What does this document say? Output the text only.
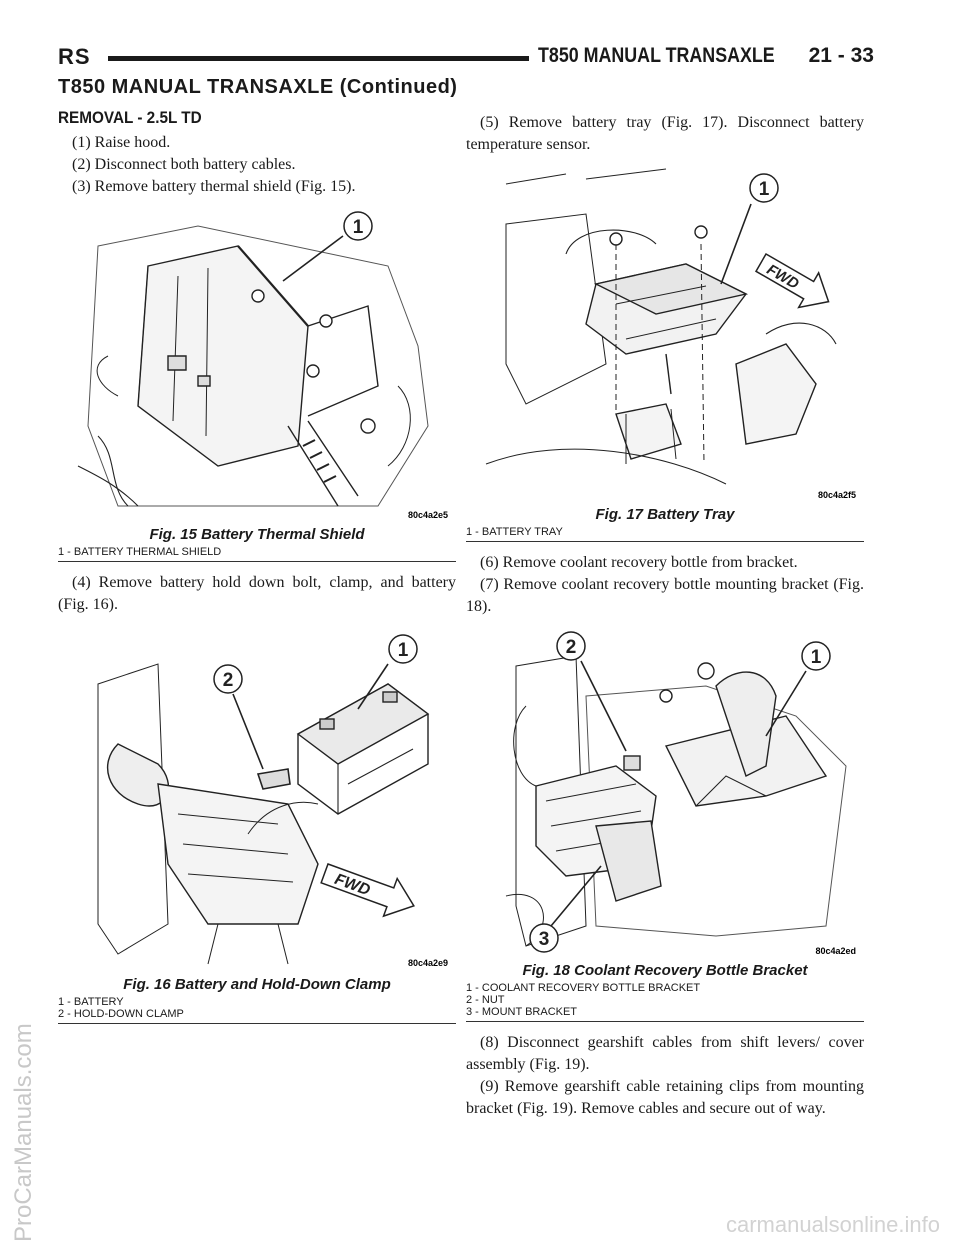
RS	T850 MANUAL TRANSAXLE 21 - 33
T850 MANUAL TRANSAXLE (Continued)
REMOVAL - 2.5L TD

(1) Raise hood.

(2) Disconnect both battery cables.

(3) Remove battery thermal shield (Fig. 15).

1
80c4a2e5
Fig. 15 Battery Thermal Shield
1 - BATTERY THERMAL SHIELD

(4) Remove battery hold down bolt, clamp, and battery (Fig. 16).

FWD
2
1
80c4a2e9
Fig. 16 Battery and Hold-Down Clamp
1 - BATTERY
2 - HOLD-DOWN CLAMP

(5) Remove battery tray (Fig. 17). Disconnect battery temperature sensor.

FWD
1
80c4a2f5
Fig. 17 Battery Tray
1 - BATTERY TRAY

(6) Remove coolant recovery bottle from bracket.

(7) Remove coolant recovery bottle mounting bracket (Fig. 18).

2	1
3
80c4a2ed
Fig. 18 Coolant Recovery Bottle Bracket
1 - COOLANT RECOVERY BOTTLE BRACKET
2 - NUT
3 - MOUNT BRACKET

(8) Disconnect gearshift cables from shift levers/ cover assembly (Fig. 19).

(9) Remove gearshift cable retaining clips from mounting bracket (Fig. 19). Remove cables and secure out of way.

ProCarManuals.com	carmanualsonline.info
